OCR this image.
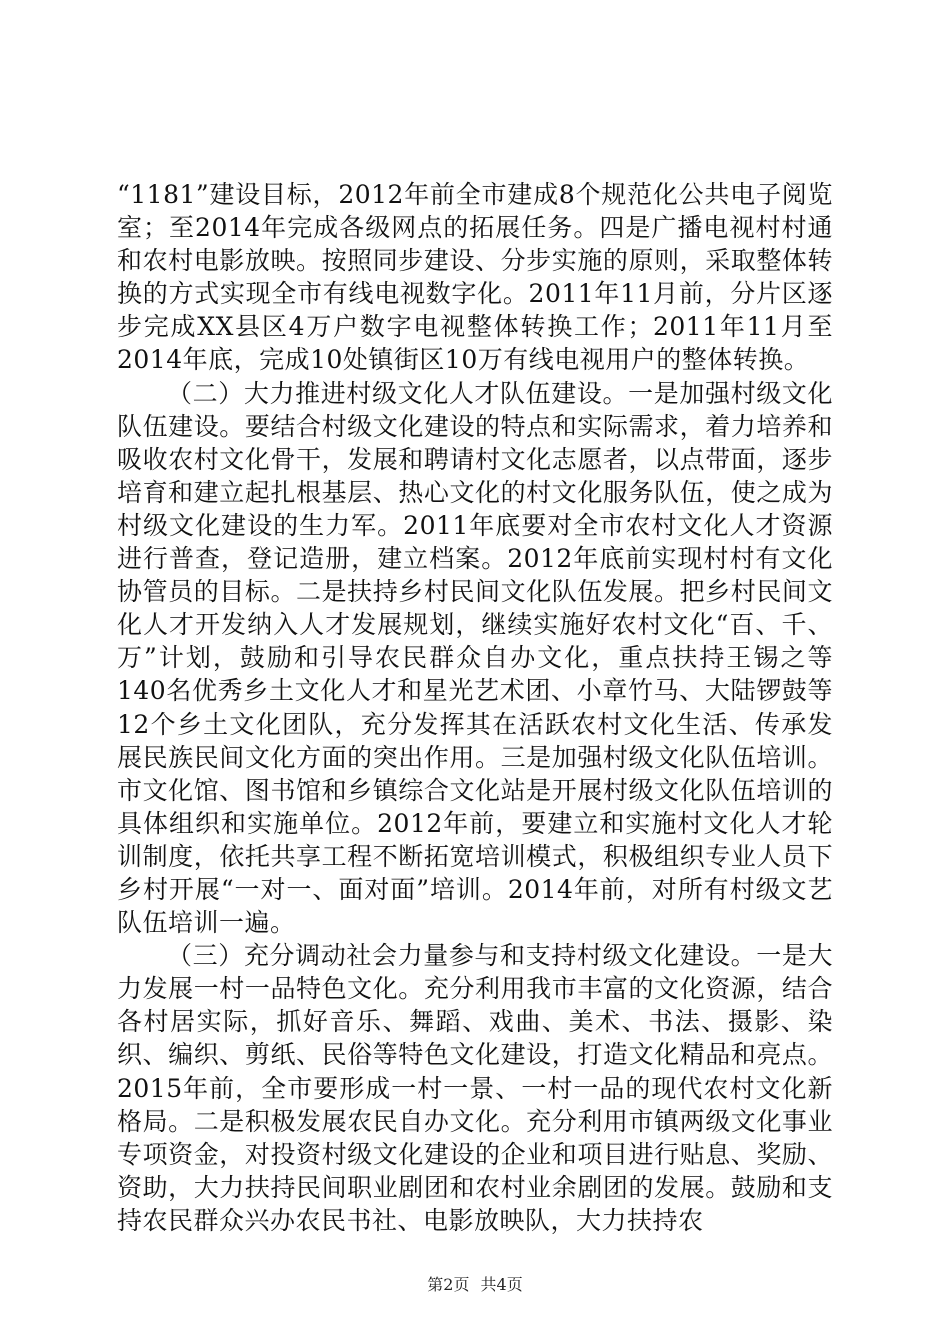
“1181”建设目标，2012年前全市建成8个规范化公共电子阅览室；至2014年完成各级网点的拓展任务。四是广播电视村村通和农村电影放映。按照同步建设、分步实施的原则，采取整体转换的方式实现全市有线电视数字化。2011年11月前，分片区逐步完成XX县区4万户数字电视整体转换工作；2011年11月至2014年底，完成10处镇街区10万有线电视用户的整体转换。

（二）大力推进村级文化人才队伍建设。一是加强村级文化队伍建设。要结合村级文化建设的特点和实际需求，着力培养和吸收农村文化骨干，发展和聘请村文化志愿者，以点带面，逐步培育和建立起扎根基层、热心文化的村文化服务队伍，使之成为村级文化建设的生力军。2011年底要对全市农村文化人才资源进行普查，登记造册，建立档案。2012年底前实现村村有文化协管员的目标。二是扶持乡村民间文化队伍发展。把乡村民间文化人才开发纳入人才发展规划，继续实施好农村文化“百、千、万”计划，鼓励和引导农民群众自办文化，重点扶持王锡之等140名优秀乡土文化人才和星光艺术团、小章竹马、大陆锣鼓等12个乡土文化团队，充分发挥其在活跃农村文化生活、传承发展民族民间文化方面的突出作用。三是加强村级文化队伍培训。市文化馆、图书馆和乡镇综合文化站是开展村级文化队伍培训的具体组织和实施单位。2012年前，要建立和实施村文化人才轮训制度，依托共享工程不断拓宽培训模式，积极组织专业人员下乡村开展“一对一、面对面”培训。2014年前，对所有村级文艺队伍培训一遍。

（三）充分调动社会力量参与和支持村级文化建设。一是大力发展一村一品特色文化。充分利用我市丰富的文化资源，结合各村居实际，抓好音乐、舞蹈、戏曲、美术、书法、摄影、染织、编织、剪纸、民俗等特色文化建设，打造文化精品和亮点。2015年前，全市要形成一村一景、一村一品的现代农村文化新格局。二是积极发展农民自办文化。充分利用市镇两级文化事业专项资金，对投资村级文化建设的企业和项目进行贴息、奖励、资助，大力扶持民间职业剧团和农村业余剧团的发展。鼓励和支持农民群众兴办农民书社、电影放映队，大力扶持农

第2页 共4页
